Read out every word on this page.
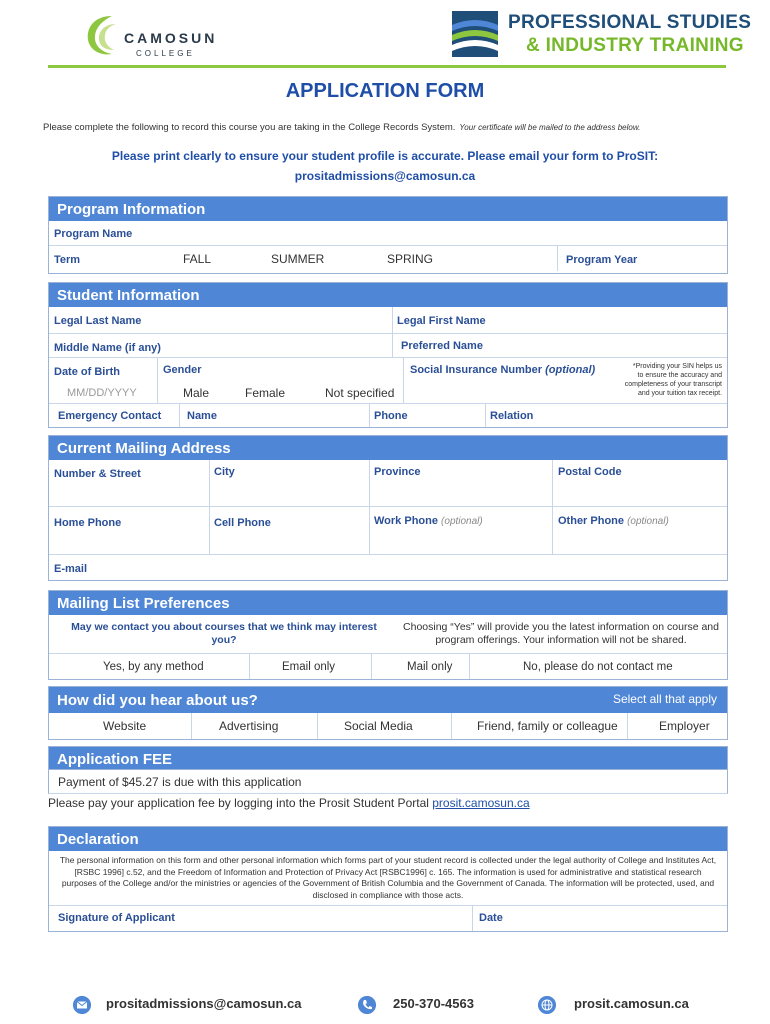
CAMOSUN
COLLEGE
PROFESSIONAL STUDIES
& INDUSTRY TRAINING
APPLICATION FORM
Please complete the following to record this course you are taking in the College Records System. Your certificate will be mailed to the address below.
Please print clearly to ensure your student profile is accurate. Please email your form to ProSIT:
prositadmissions@camosun.ca
Program Information
Program Name
Term	FALL	SUMMER	SPRING	Program Year
Student Information
Legal Last Name	Legal First Name
Middle Name (if any)	Preferred Name
Date of Birth
MM/DD/YYYY
Gender
Male	Female	Not specified
Social Insurance Number (optional)	*Providing your SIN helps us
to ensure the accuracy and
completeness of your transcript
and your tuition tax receipt.
Emergency Contact Name	Phone	Relation
Current Mailing Address
Number & Street	City	Province	Postal Code
Home Phone	Cell Phone	Work Phone (optional)	Other Phone (optional)
E-mail
Mailing List Preferences
May we contact you about courses that we think may interest you?
Choosing “Yes” will provide you the latest information on course and program offerings. Your information will not be shared.
Yes, by any method	Email only	Mail only	No, please do not contact me
How did you hear about us?	Select all that apply
Website	Advertising	Social Media	Friend, family or colleague	Employer
Application FEE
Payment of $45.27 is due with this application
Please pay your application fee by logging into the Prosit Student Portal prosit.camosun.ca
Declaration
The personal information on this form and other personal information which forms part of your student record is collected under the legal authority of College and Institutes Act, [RSBC 1996] c.52, and the Freedom of Information and Protection of Privacy Act [RSBC1996] c. 165. The information is used for administrative and statistical research purposes of the College and/or the ministries or agencies of the Government of British Columbia and the Government of Canada. The information will be protected, used, and disclosed in compliance with those acts.
Signature of Applicant	Date
prositadmissions@camosun.ca	250-370-4563	prosit.camosun.ca
